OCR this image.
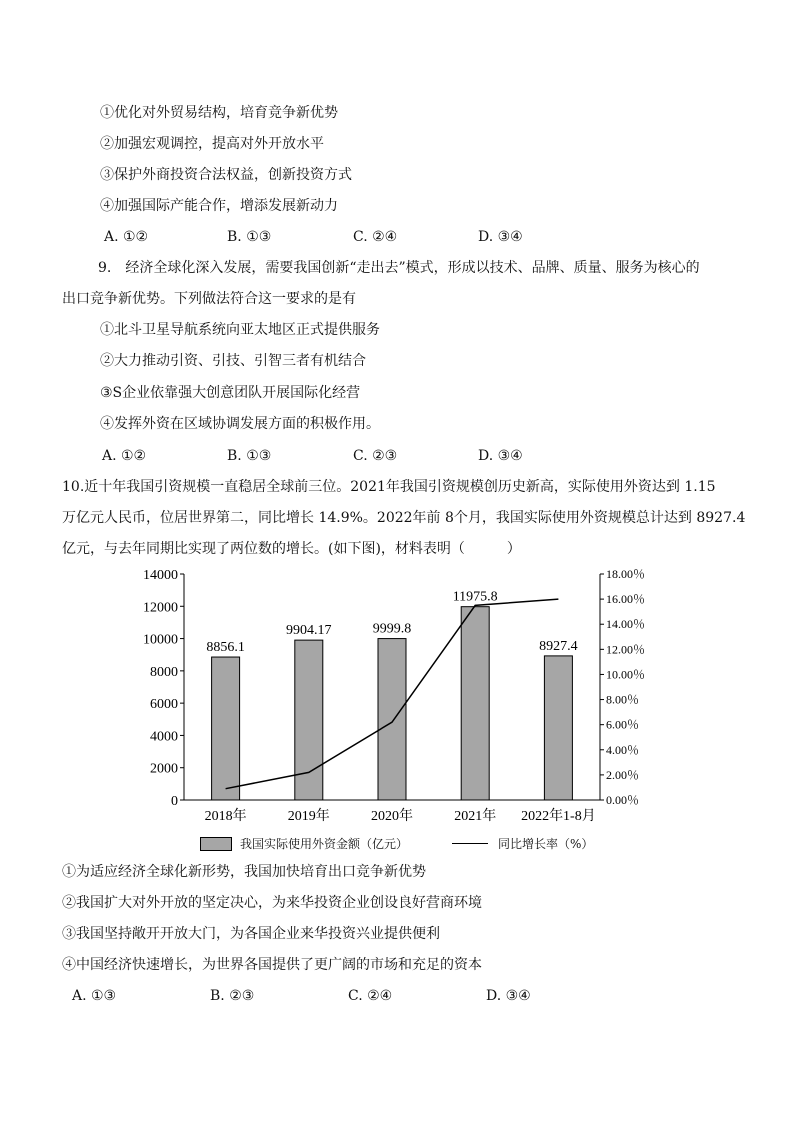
①优化对外贸易结构，培育竞争新优势
②加强宏观调控，提高对外开放水平
③保护外商投资合法权益，创新投资方式
④加强国际产能合作，增添发展新动力
A. ①②	B. ①③	C. ②④	D. ③④
9.　经济全球化深入发展，需要我国创新“走出去”模式，形成以技术、品牌、质量、服务为核心的
出口竞争新优势。下列做法符合这一要求的是有
①北斗卫星导航系统向亚太地区正式提供服务
②大力推动引资、引技、引智三者有机结合
③S企业依靠强大创意团队开展国际化经营
④发挥外资在区域协调发展方面的积极作用。
A. ①②	B. ①③	C. ②③	D. ③④
10.近十年我国引资规模一直稳居全球前三位。2021年我国引资规模创历史新高，实际使用外资达到 1.15
万亿元人民币，位居世界第二，同比增长 14.9%。2022年前 8个月，我国实际使用外资规模总计达到 8927.4
亿元，与去年同期比实现了两位数的增长。(如下图)，材料表明（　　　）
0
2000
4000
6000
8000
10000
12000
14000
0.00％
2.00％
4.00％
6.00％
8.00％
10.00％
12.00％
14.00％
16.00％
18.00％
8856.1
2018年
9904.17
2019年
9999.8
2020年
11975.8
2021年
8927.4
2022年1-8月
我国实际使用外资金额（亿元）	同比增长率（%）
①为适应经济全球化新形势，我国加快培育出口竞争新优势
②我国扩大对外开放的坚定决心，为来华投资企业创设良好营商环境
③我国坚持敞开开放大门，为各国企业来华投资兴业提供便利
④中国经济快速增长，为世界各国提供了更广阔的市场和充足的资本
A. ①③	B. ②③	C. ②④	D. ③④
